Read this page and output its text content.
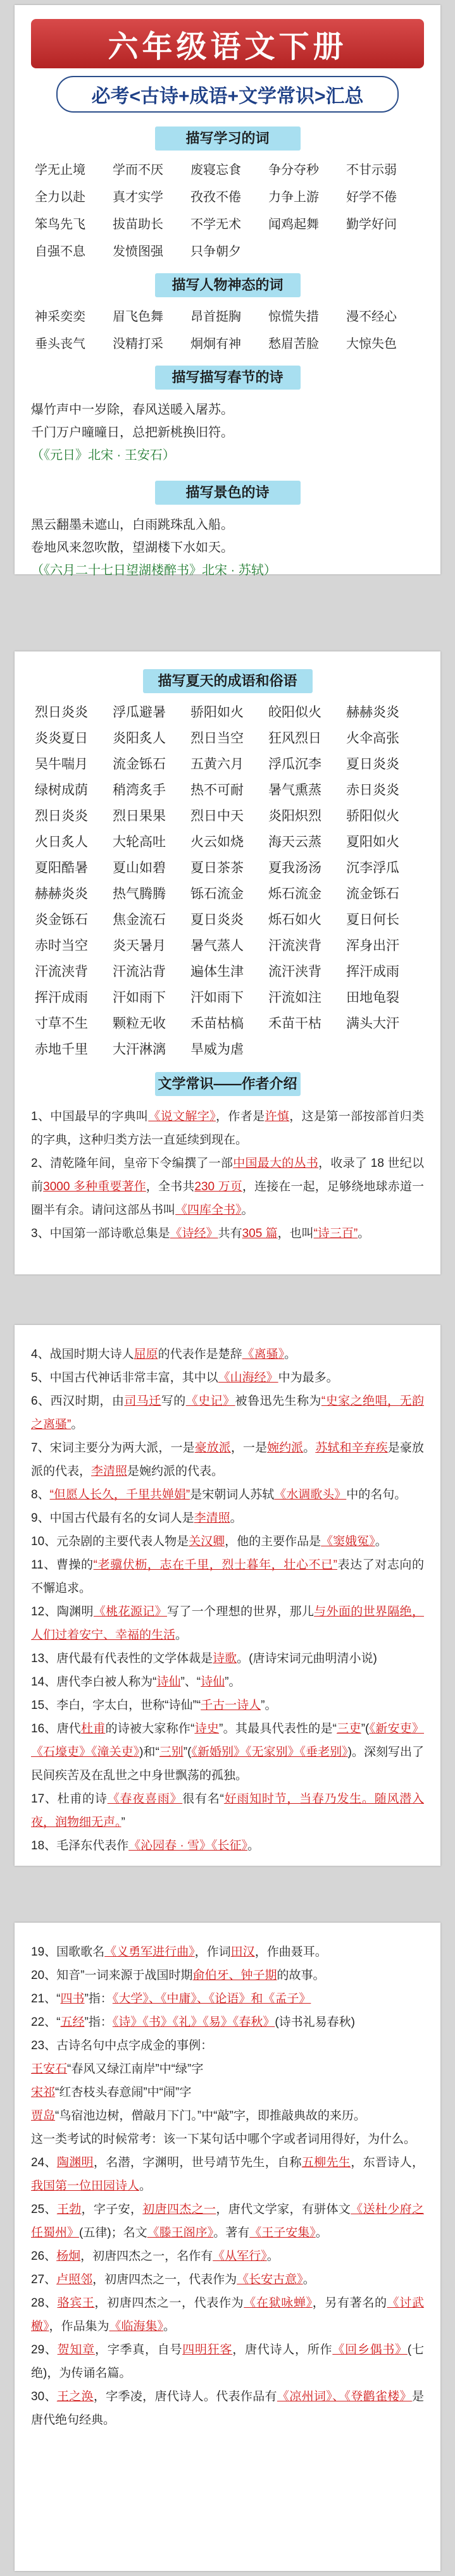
六年级语文下册
必考<古诗+成语+文学常识>汇总
描写学习的词
学无止境	学而不厌	废寝忘食	争分夺秒	不甘示弱
全力以赴	真才实学	孜孜不倦	力争上游	好学不倦
笨鸟先飞	拔苗助长	不学无术	闻鸡起舞	勤学好问
自强不息	发愤图强	只争朝夕
描写人物神态的词
神采奕奕	眉飞色舞	昂首挺胸	惊慌失措	漫不经心
垂头丧气	没精打采	炯炯有神	愁眉苦脸	大惊失色
描写描写春节的诗
爆竹声中一岁除，春风送暖入屠苏。
千门万户曈曈日，总把新桃换旧符。
（《元日》北宋 · 王安石）
描写景色的诗
黑云翻墨未遮山，白雨跳珠乱入船。
卷地风来忽吹散，望湖楼下水如天。
（《六月二十七日望湖楼醉书》北宋 · 苏轼）
描写夏天的成语和俗语
烈日炎炎	浮瓜避暑	骄阳如火	皎阳似火	赫赫炎炎
炎炎夏日	炎阳炙人	烈日当空	狂风烈日	火伞高张
吴牛喘月	流金铄石	五黄六月	浮瓜沉李	夏日炎炎
绿树成荫	稍湾炙手	热不可耐	暑气熏蒸	赤日炎炎
烈日炎炎	烈日果果	烈日中天	炎阳炽烈	骄阳似火
火日炙人	大轮高吐	火云如烧	海天云蒸	夏阳如火
夏阳酷暑	夏山如碧	夏日茶茶	夏我汤汤	沉李浮瓜
赫赫炎炎	热气腾腾	铄石流金	烁石流金	流金铄石
炎金铄石	焦金流石	夏日炎炎	烁石如火	夏日何长
赤时当空	炎天暑月	暑气蒸人	汗流浃背	浑身出汗
汗流浃背	汗流沾背	遍体生津	流汗浃背	挥汗成雨
挥汗成雨	汗如雨下	汗如雨下	汗流如注	田地龟裂
寸草不生	颗粒无收	禾苗枯槁	禾苗干枯	满头大汗
赤地千里	大汗淋漓	旱威为虐
文学常识——作者介绍
1、中国最早的字典叫《说文解字》，作者是许慎，这是第一部按部首归类的字典，这种归类方法一直延续到现在。
2、清乾隆年间，皇帝下令编撰了一部中国最大的丛书，收录了 18 世纪以前3000 多种重要著作，全书共230 万页，连接在一起，足够绕地球赤道一圈半有余。请问这部丛书叫《四库全书》。
3、中国第一部诗歌总集是《诗经》共有305 篇，也叫“诗三百”。
4、战国时期大诗人屈原的代表作是楚辞《离骚》。
5、中国古代神话非常丰富，其中以《山海经》中为最多。
6、西汉时期，由司马迁写的《史记》被鲁迅先生称为“史家之绝唱，无韵之离骚”。
7、宋词主要分为两大派，一是豪放派，一是婉约派。苏轼和辛弃疾是豪放派的代表，李清照是婉约派的代表。
8、“但愿人长久，千里共婵娟”是宋朝词人苏轼《水调歌头》中的名句。
9、中国古代最有名的女词人是李清照。
10、元杂剧的主要代表人物是关汉卿，他的主要作品是《窦娥冤》。
11、曹操的“老骥伏枥，志在千里，烈士暮年，壮心不已”表达了对志向的不懈追求。
12、陶渊明《桃花源记》写了一个理想的世界，那儿与外面的世界隔绝，人们过着安宁、幸福的生活。
13、唐代最有代表性的文学体裁是诗歌。(唐诗宋词元曲明清小说)
14、唐代李白被人称为“诗仙”、“诗仙”。
15、李白，字太白，世称“诗仙”“千古一诗人”。
16、唐代杜甫的诗被大家称作“诗史”。其最具代表性的是“三吏”(《新安吏》《石壕吏》《潼关吏》)和“三别”(《新婚别》《无家别》《垂老别》)。深刻写出了民间疾苦及在乱世之中身世飘荡的孤独。
17、杜甫的诗《春夜喜雨》很有名“好雨知时节，当春乃发生。随风潜入夜，润物细无声。”
18、毛泽东代表作《沁园春 · 雪》《长征》。
19、国歌歌名《义勇军进行曲》，作词田汉，作曲聂耳。
20、知音”一词来源于战国时期俞伯牙、钟子期的故事。
21、“四书”指：《大学》、《中庸》、《论语》和《孟子》
22、“五经”指：《诗》《书》《礼》《易》《春秋》(诗书礼易春秋)
23、古诗名句中点字成金的事例：
王安石“春风又绿江南岸”中“绿”字
宋祁“红杏枝头春意闹”中“闹”字
贾岛“鸟宿池边树，僧敲月下门。”中“敲”字，即推敲典故的来历。
这一类考试的时候常考：该一下某句话中哪个字或者词用得好，为什么。
24、陶渊明，名潜，字渊明，世号靖节先生，自称五柳先生，东晋诗人，我国第一位田园诗人。
25、王勃，字子安，初唐四杰之一，唐代文学家，有骈体文《送杜少府之任蜀州》(五律)；名文《滕王阁序》。著有《王子安集》。
26、杨炯，初唐四杰之一，名作有《从军行》。
27、卢照邻，初唐四杰之一，代表作为《长安古意》。
28、骆宾王，初唐四杰之一，代表作为《在狱咏蝉》，另有著名的《讨武檄》，作品集为《临海集》。
29、贺知章，字季真，自号四明狂客，唐代诗人，所作《回乡偶书》(七绝)，为传诵名篇。
30、王之涣，字季凌，唐代诗人。代表作品有《凉州词》、《登鹳雀楼》是唐代绝句经典。
